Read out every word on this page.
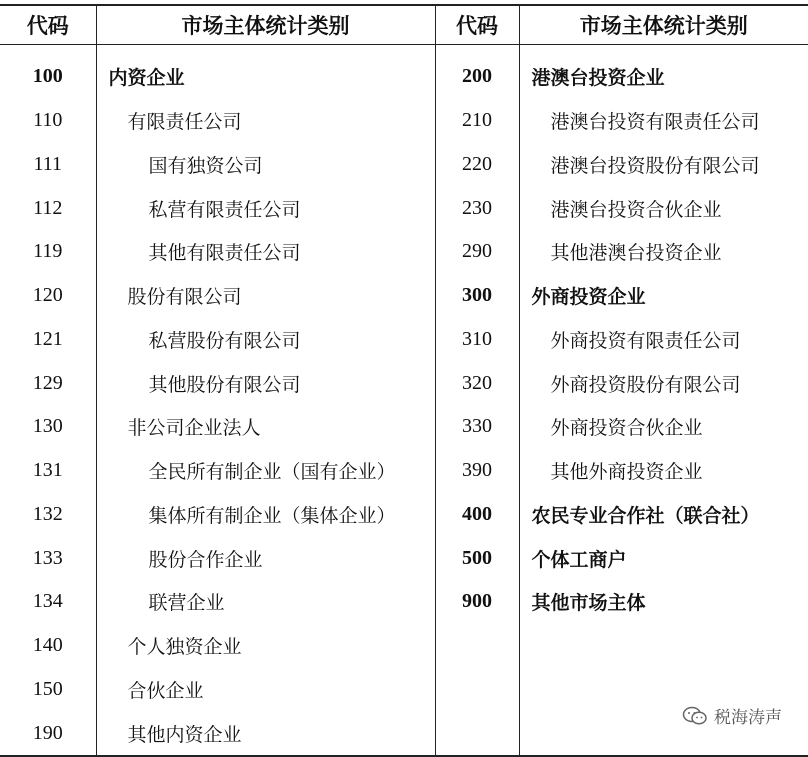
代码	市场主体统计类别	代码	市场主体统计类别
100	内资企业	200	港澳台投资企业
110	有限责任公司	210	港澳台投资有限责任公司
111	国有独资公司	220	港澳台投资股份有限公司
112	私营有限责任公司	230	港澳台投资合伙企业
119	其他有限责任公司	290	其他港澳台投资企业
120	股份有限公司	300	外商投资企业
121	私营股份有限公司	310	外商投资有限责任公司
129	其他股份有限公司	320	外商投资股份有限公司
130	非公司企业法人	330	外商投资合伙企业
131	全民所有制企业（国有企业）	390	其他外商投资企业
132	集体所有制企业（集体企业）	400	农民专业合作社（联合社）
133	股份合作企业	500	个体工商户
134	联营企业	900	其他市场主体
140	个人独资企业		
150	合伙企业		
190	其他内资企业		
税海涛声
